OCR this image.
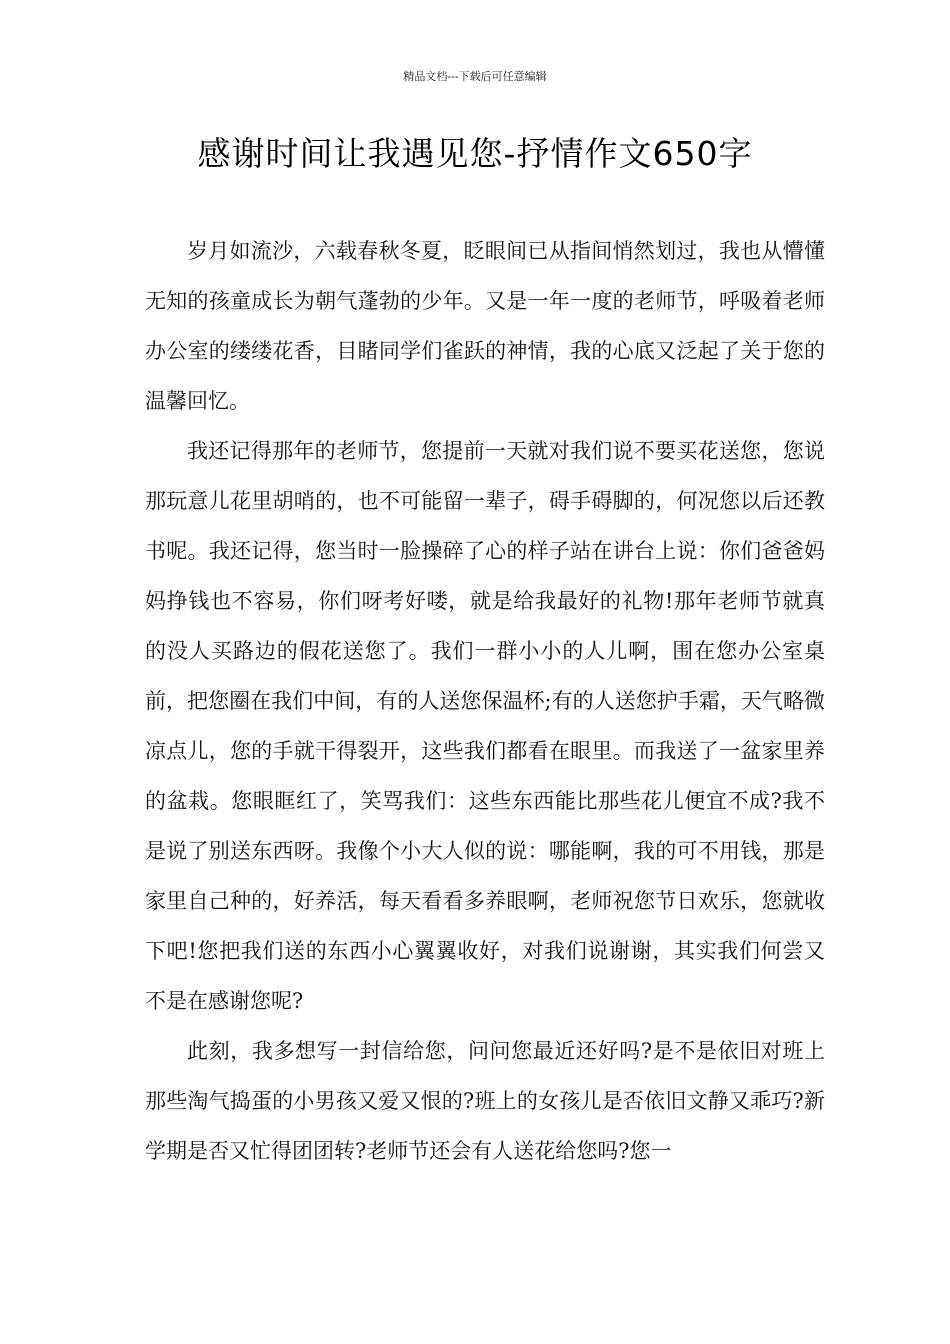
精品文档---下载后可任意编辑
感谢时间让我遇见您-抒情作文650字

岁月如流沙，六载春秋冬夏，眨眼间已从指间悄然划过，我也从懵懂无知的孩童成长为朝气蓬勃的少年。又是一年一度的老师节，呼吸着老师办公室的缕缕花香，目睹同学们雀跃的神情，我的心底又泛起了关于您的温馨回忆。

我还记得那年的老师节，您提前一天就对我们说不要买花送您，您说那玩意儿花里胡哨的，也不可能留一辈子，碍手碍脚的，何况您以后还教书呢。我还记得，您当时一脸操碎了心的样子站在讲台上说：你们爸爸妈妈挣钱也不容易，你们呀考好喽，就是给我最好的礼物!那年老师节就真的没人买路边的假花送您了。我们一群小小的人儿啊，围在您办公室桌前，把您圈在我们中间，有的人送您保温杯;有的人送您护手霜，天气略微凉点儿，您的手就干得裂开，这些我们都看在眼里。而我送了一盆家里养的盆栽。您眼眶红了，笑骂我们：这些东西能比那些花儿便宜不成?我不是说了别送东西呀。我像个小大人似的说：哪能啊，我的可不用钱，那是家里自己种的，好养活，每天看看多养眼啊，老师祝您节日欢乐，您就收下吧!您把我们送的东西小心翼翼收好，对我们说谢谢，其实我们何尝又不是在感谢您呢?

此刻，我多想写一封信给您，问问您最近还好吗?是不是依旧对班上那些淘气捣蛋的小男孩又爱又恨的?班上的女孩儿是否依旧文静又乖巧?新学期是否又忙得团团转?老师节还会有人送花给您吗?您一
